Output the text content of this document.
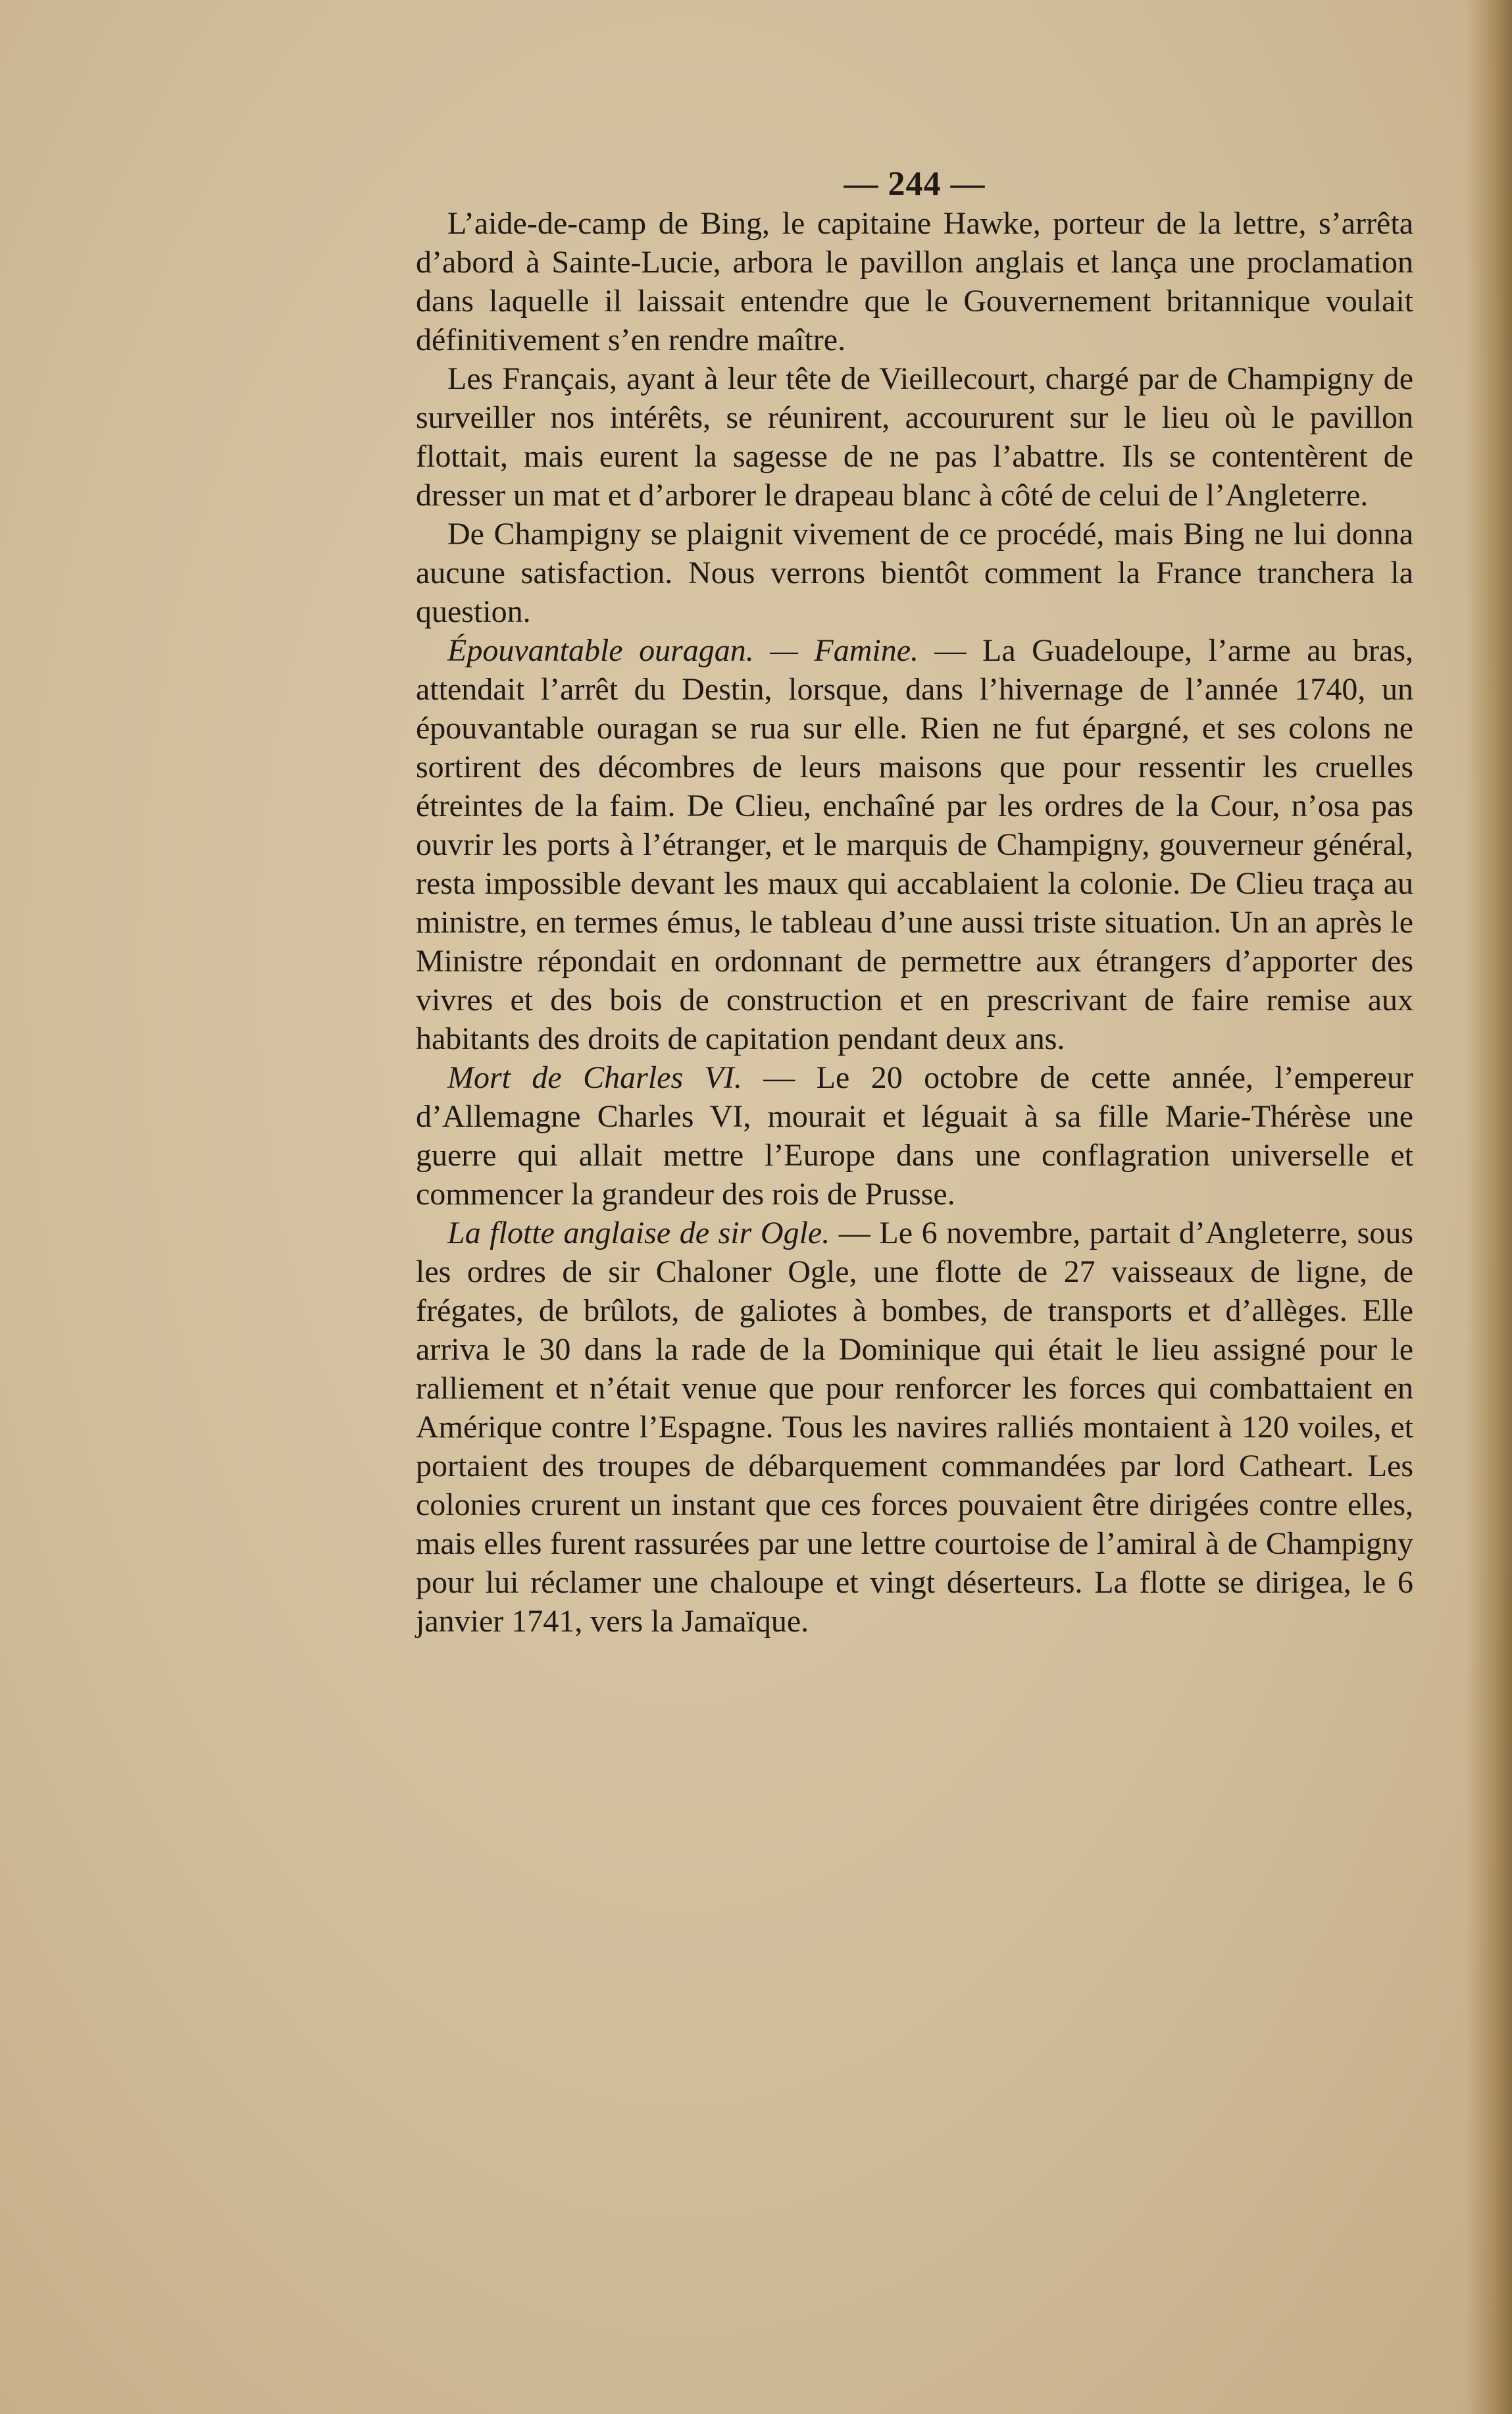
— 244 —

L’aide-de-camp de Bing, le capitaine Hawke, porteur de la lettre, s’arrêta d’abord à Sainte-Lucie, arbora le pavillon anglais et lança une proclamation dans laquelle il laissait entendre que le Gouvernement britannique voulait définitivement s’en rendre maître.

Les Français, ayant à leur tête de Vieillecourt, chargé par de Champigny de surveiller nos intérêts, se réunirent, accoururent sur le lieu où le pavillon flottait, mais eurent la sagesse de ne pas l’abattre. Ils se contentèrent de dresser un mat et d’arborer le drapeau blanc à côté de celui de l’Angleterre.

De Champigny se plaignit vivement de ce procédé, mais Bing ne lui donna aucune satisfaction. Nous verrons bientôt comment la France tranchera la question.

Épouvantable ouragan. — Famine. — La Guadeloupe, l’arme au bras, attendait l’arrêt du Destin, lorsque, dans l’hivernage de l’année 1740, un épouvantable ouragan se rua sur elle. Rien ne fut épargné, et ses colons ne sortirent des décombres de leurs maisons que pour ressentir les cruelles étreintes de la faim. De Clieu, enchaîné par les ordres de la Cour, n’osa pas ouvrir les ports à l’étranger, et le marquis de Champigny, gouverneur général, resta impossible devant les maux qui accablaient la colonie. De Clieu traça au ministre, en termes émus, le tableau d’une aussi triste situation. Un an après le Ministre répondait en ordonnant de permettre aux étrangers d’apporter des vivres et des bois de construction et en prescrivant de faire remise aux habitants des droits de capitation pendant deux ans.

Mort de Charles VI. — Le 20 octobre de cette année, l’empereur d’Allemagne Charles VI, mourait et léguait à sa fille Marie-Thérèse une guerre qui allait mettre l’Europe dans une conflagration universelle et commencer la grandeur des rois de Prusse.

La flotte anglaise de sir Ogle. — Le 6 novembre, partait d’Angleterre, sous les ordres de sir Chaloner Ogle, une flotte de 27 vaisseaux de ligne, de frégates, de brûlots, de galiotes à bombes, de transports et d’allèges. Elle arriva le 30 dans la rade de la Dominique qui était le lieu assigné pour le ralliement et n’était venue que pour renforcer les forces qui combattaient en Amérique contre l’Espagne. Tous les navires ralliés montaient à 120 voiles, et portaient des troupes de débarquement commandées par lord Catheart. Les colonies crurent un instant que ces forces pouvaient être dirigées contre elles, mais elles furent rassurées par une lettre courtoise de l’amiral à de Champigny pour lui réclamer une chaloupe et vingt déserteurs. La flotte se dirigea, le 6 janvier 1741, vers la Jamaïque.
